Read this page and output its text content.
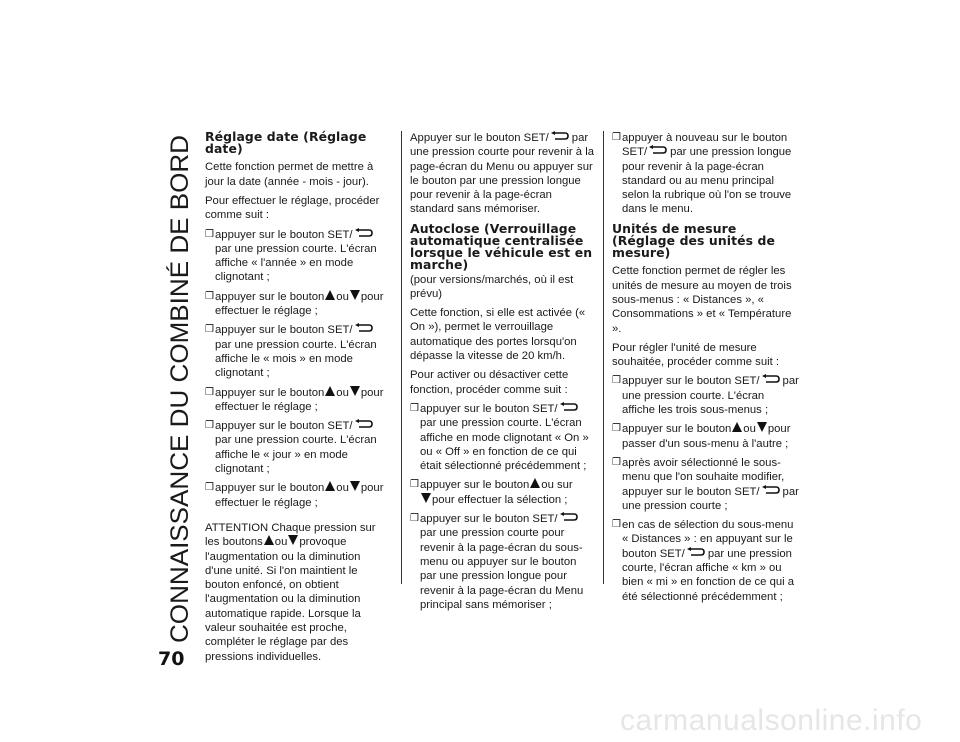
CONNAISSANCE DU COMBINÉ DE BORD
70
Réglage date (Réglage date)

Cette fonction permet de mettre à jour la date (année - mois - jour).

Pour effectuer le réglage, procéder comme suit :

❒ appuyer sur le bouton SET/par une pression courte. L'écran affiche « l'année » en mode clignotant ;
❒ appuyer sur le bouton ou pour effectuer le réglage ;
❒ appuyer sur le bouton SET/par une pression courte. L'écran affiche le « mois » en mode clignotant ;
❒ appuyer sur le bouton ou pour effectuer le réglage ;
❒ appuyer sur le bouton SET/par une pression courte. L'écran affiche le « jour » en mode clignotant ;
❒ appuyer sur le bouton ou pour effectuer le réglage ;

ATTENTION Chaque pression sur les boutons ou provoque l'augmentation ou la diminution d'une unité. Si l'on maintient le bouton enfoncé, on obtient l'augmentation ou la diminution automatique rapide. Lorsque la valeur souhaitée est proche, compléter le réglage par des pressions individuelles.

Appuyer sur le bouton SET/ par une pression courte pour revenir à la page-écran du Menu ou appuyer sur le bouton par une pression longue pour revenir à la page-écran standard sans mémoriser.

Autoclose (Verrouillage automatique centralisée lorsque le véhicule est en marche)

(pour versions/marchés, où il est prévu)

Cette fonction, si elle est activée (« On »), permet le verrouillage automatique des portes lorsqu'on dépasse la vitesse de 20 km/h.

Pour activer ou désactiver cette fonction, procéder comme suit :

❒ appuyer sur le bouton SET/par une pression courte. L'écran affiche en mode clignotant « On » ou « Off » en fonction de ce qui était sélectionné précédemment ;
❒ appuyer sur le bouton ou sur
pour effectuer la sélection ;
❒ appuyer sur le bouton SET/par une pression courte pour revenir à la page-écran du sous-menu ou appuyer sur le bouton par une pression longue pour revenir à la page-écran du Menu principal sans mémoriser ;
❒ appuyer à nouveau sur le bouton SET/ par une pression longue pour revenir à la page-écran standard ou au menu principal selon la rubrique où l'on se trouve dans le menu.
Unités de mesure (Réglage des unités de mesure)

Cette fonction permet de régler les unités de mesure au moyen de trois sous-menus : « Distances », « Consommations » et « Température ».

Pour régler l'unité de mesure souhaitée, procéder comme suit :

❒ appuyer sur le bouton SET/ par une pression courte. L'écran affiche les trois sous-menus ;
❒ appuyer sur le bouton ou pour passer d'un sous-menu à l'autre ;
❒ après avoir sélectionné le sous-menu que l'on souhaite modifier, appuyer sur le bouton SET/ par une pression courte ;
❒ en cas de sélection du sous-menu « Distances » : en appuyant sur le bouton SET/ par une pression courte, l'écran affiche « km » ou bien « mi » en fonction de ce qui a été sélectionné précédemment ;
carmanualsonline.info
